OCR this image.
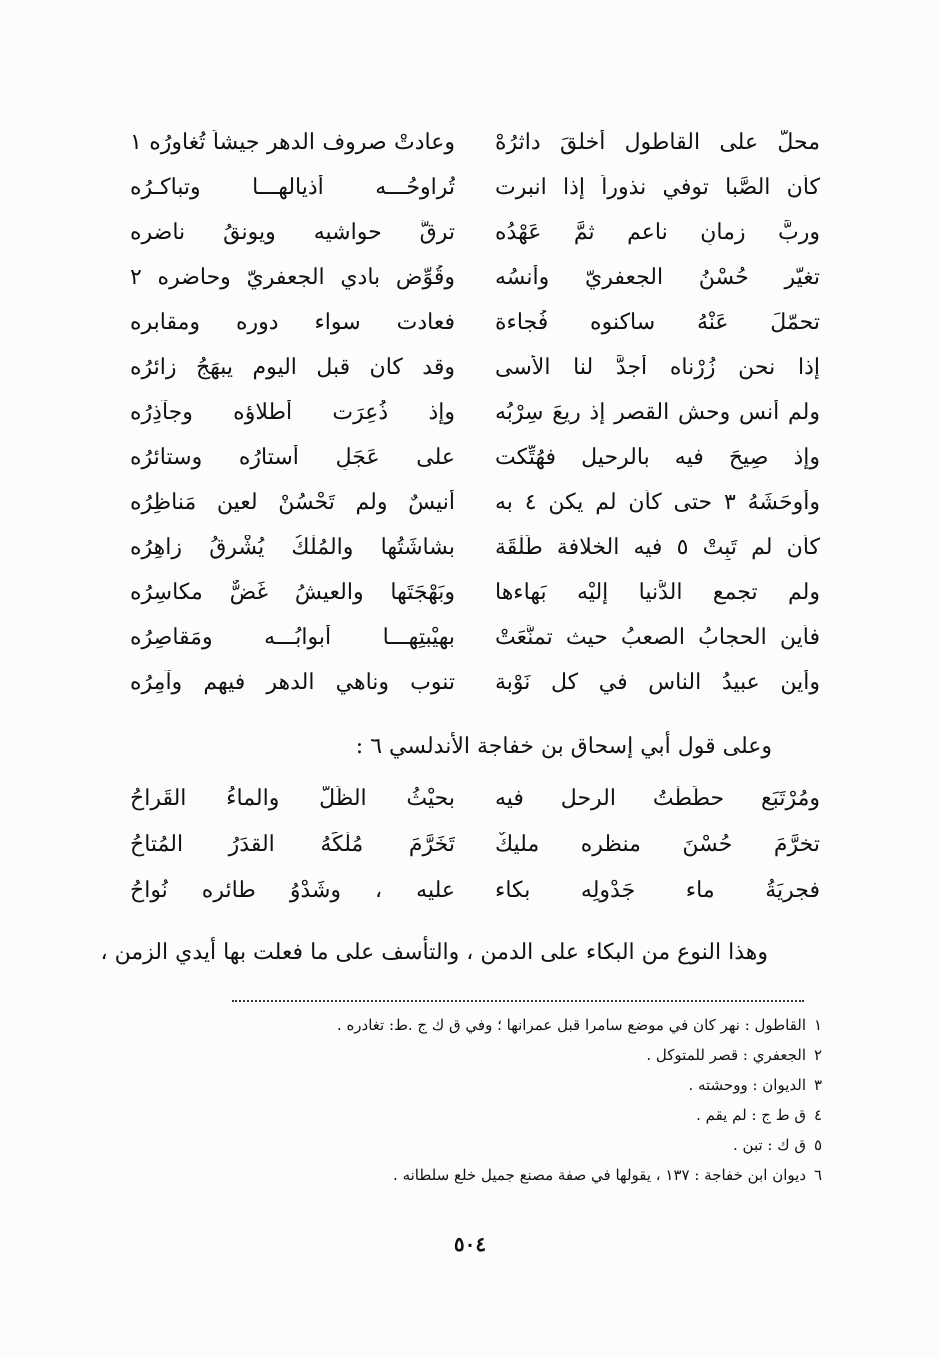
محلٌّ على القاطول أخلقَ داثرُهْ
وعادتْ صروف الدهر جيشاً تُغاورُه ١
كأن الصَّبا توفي نذوراً إذا انبرت
تُراوحُـــه أذيالهـــا وتباكـرُه
وربَّ زمانٍ ناعمٍ ثمَّ عَهْدُه
ترقُّ حواشيه ويونقُ ناضره
تغيّر حُسْنُ الجعفريّ وأُنسُه
وقُوِّض بادي الجعفريّ وحاضره ٢
تحمّلَ عَنْهُ ساكنوه فُجاءة
فعادت سواء دوره ومقابره
إذا نحن زُرْناه أجدَّ لنا الأسى
وقد كان قبل اليوم يبهَجُ زائرُه
ولم أنس وحش القصر إذ ريعَ سِرْبُه
وإذ ذُعِرَت أطلاؤه وجآذِرُه
وإذ صِيحَ فيه بالرحيل فهُتِّكت
على عَجَلٍ أستارُه وستائرُه
وأوحَشَهُ ٣ حتى كأن لم يكن ٤ به
أنيسٌ ولم تَحْسُنْ لعينٍ مَناظِرُه
كأن لم تَبِتْ ٥ فيه الخلافة طَلْقَة
بشاشَتُها والمُلْكُ يُشْرِقُ زاهِرُه
ولم تجمعِ الدُّنيا إليْه بَهاءها
وبَهْجَتَها والعيشُ غَضٌّ مكاسِرُه
فأين الحجابُ الصعبُ حيث تمنَّعَتْ
بهيْبتِهـــا أبوابُـــه ومَقاصِرُه
وأين عبيدُ الناس في كل نَوْبة
تنوب وناهي الدهر فيهم وآمِرُه
وعلى قول أبي إسحاق بن خفاجة الأندلسي ٦ :
ومُرْتَبَع حطَطْتُ الرحل فيه
بحيْثُ الظِّلُّ والماءُ القَراحُ
تخرَّمَ حُسْنَ منظرِه مليكٌ
تَخَرَّمَ مُلْكَهُ القدَرُ المُتاحُ
فجريَةُ ماء جَدْولِه بكاء
عليه ، وشَدْوُ طائرِه نُواحُ
وهذا النوع من البكاء على الدمن ، والتأسف على ما فعلت بها أيدي الزمن ،
١القاطول : نهر كان في موضع سامرا قبل عمرانها ؛ وفي ق ك ج .ط: تغادره .
٢الجعفري : قصر للمتوكل .
٣الديوان : ووحشته .
٤ق ط ج : لم يقم .
٥ق ك : تبن .
٦ديوان ابن خفاجة : ١٣٧ ، يقولها في صفة مصنع جميل خلع سلطانه .
٥٠٤
